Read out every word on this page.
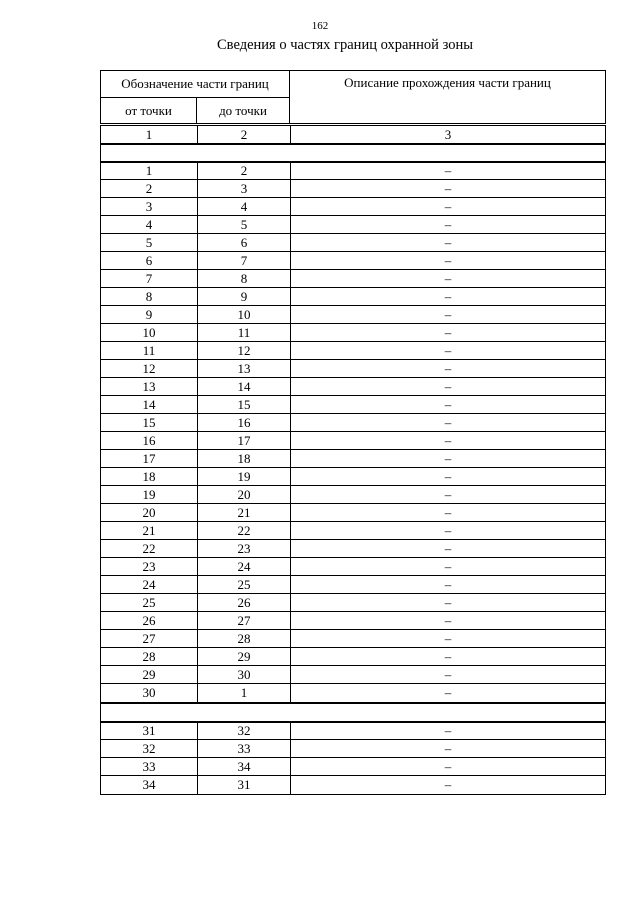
162
Сведения о частях границ охранной зоны
Обозначение части границ
от точки	до точки
Описание прохождения части границ
1	2	3
1	2	–
2	3	–
3	4	–
4	5	–
5	6	–
6	7	–
7	8	–
8	9	–
9	10	–
10	11	–
11	12	–
12	13	–
13	14	–
14	15	–
15	16	–
16	17	–
17	18	–
18	19	–
19	20	–
20	21	–
21	22	–
22	23	–
23	24	–
24	25	–
25	26	–
26	27	–
27	28	–
28	29	–
29	30	–
30	1	–
31	32	–
32	33	–
33	34	–
34	31	–
